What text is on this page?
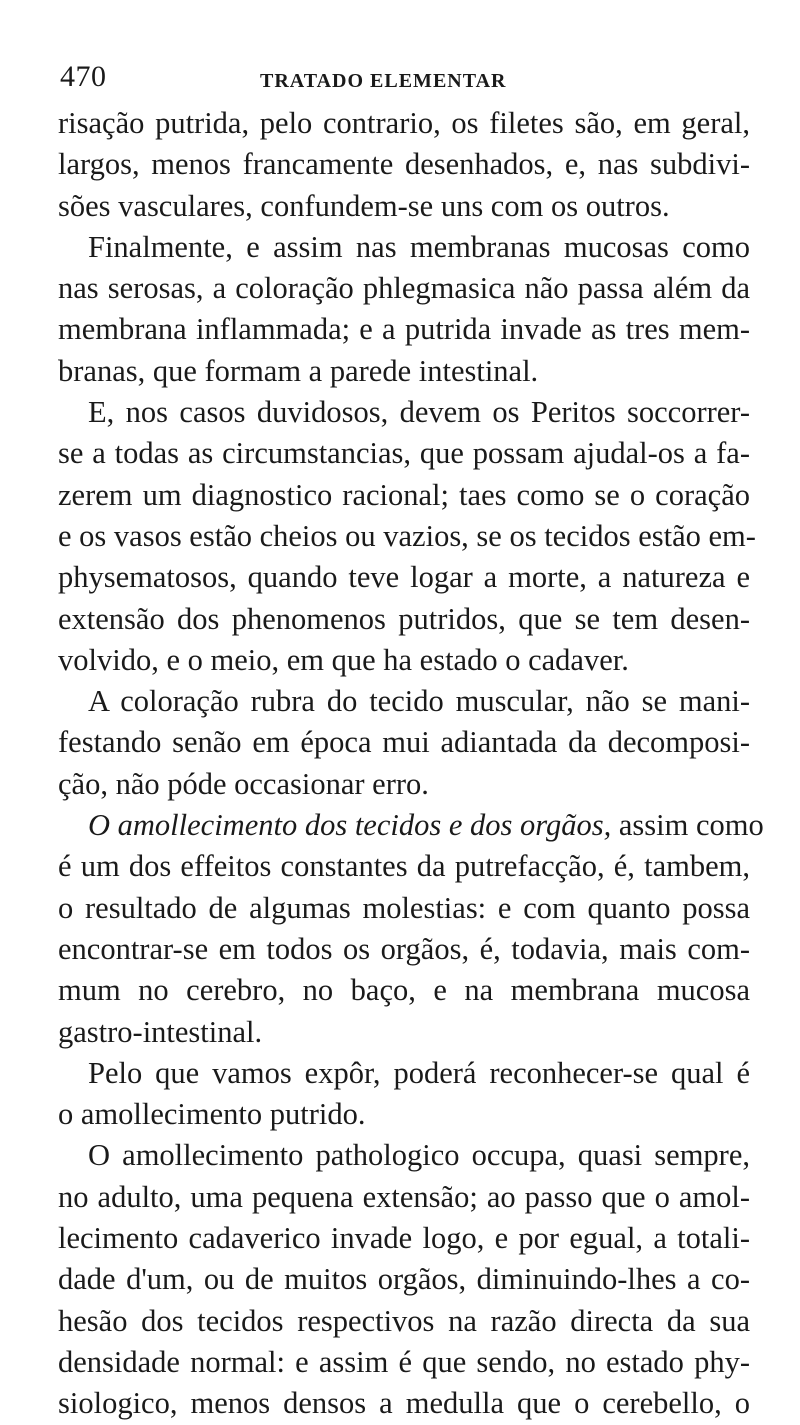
470	TRATADO ELEMENTAR
risação putrida, pelo contrario, os filetes são, em geral,
largos, menos francamente desenhados, e, nas subdivi-
sões vasculares, confundem-se uns com os outros.
Finalmente, e assim nas membranas mucosas como
nas serosas, a coloração phlegmasica não passa além da
membrana inflammada; e a putrida invade as tres mem-
branas, que formam a parede intestinal.
E, nos casos duvidosos, devem os Peritos soccorrer-
se a todas as circumstancias, que possam ajudal-os a fa-
zerem um diagnostico racional; taes como se o coração
e os vasos estão cheios ou vazios, se os tecidos estão em-
physematosos, quando teve logar a morte, a natureza e
extensão dos phenomenos putridos, que se tem desen-
volvido, e o meio, em que ha estado o cadaver.
A coloração rubra do tecido muscular, não se mani-
festando senão em época mui adiantada da decomposi-
ção, não póde occasionar erro.
O amollecimento dos tecidos e dos orgãos, assim como
é um dos effeitos constantes da putrefacção, é, tambem,
o resultado de algumas molestias: e com quanto possa
encontrar-se em todos os orgãos, é, todavia, mais com-
mum no cerebro, no baço, e na membrana mucosa
gastro-intestinal.
Pelo que vamos expôr, poderá reconhecer-se qual é
o amollecimento putrido.
O amollecimento pathologico occupa, quasi sempre,
no adulto, uma pequena extensão; ao passo que o amol-
lecimento cadaverico invade logo, e por egual, a totali-
dade d'um, ou de muitos orgãos, diminuindo-lhes a co-
hesão dos tecidos respectivos na razão directa da sua
densidade normal: e assim é que sendo, no estado phy-
siologico, menos densos a medulla que o cerebello, o
